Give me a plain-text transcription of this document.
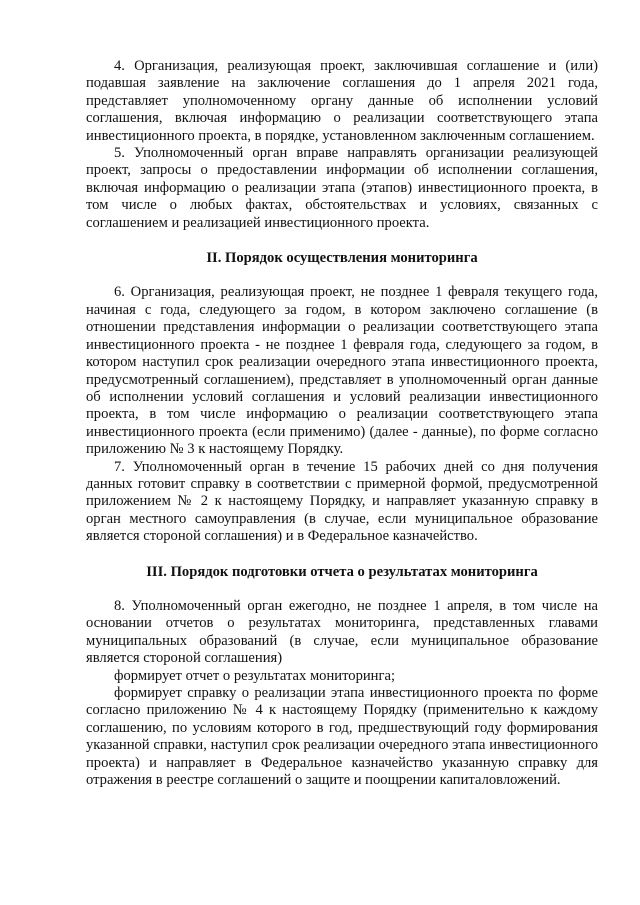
4. Организация, реализующая проект, заключившая соглашение и (или) подавшая заявление на заключение соглашения до 1 апреля 2021 года, представляет уполномоченному органу данные об исполнении условий соглашения, включая информацию о реализации соответствующего этапа инвестиционного проекта, в порядке, установленном заключенным соглашением.

5. Уполномоченный орган вправе направлять организации реализующей проект, запросы о предоставлении информации об исполнении соглашения, включая информацию о реализации этапа (этапов) инвестиционного проекта, в том числе о любых фактах, обстоятельствах и условиях, связанных с соглашением и реализацией инвестиционного проекта.

II. Порядок осуществления мониторинга

6. Организация, реализующая проект, не позднее 1 февраля текущего года, начиная с года, следующего за годом, в котором заключено соглашение (в отношении представления информации о реализации соответствующего этапа инвестиционного проекта - не позднее 1 февраля года, следующего за годом, в котором наступил срок реализации очередного этапа инвестиционного проекта, предусмотренный соглашением), представляет в уполномоченный орган данные об исполнении условий соглашения и условий реализации инвестиционного проекта, в том числе информацию о реализации соответствующего этапа инвестиционного проекта (если применимо) (далее - данные), по форме согласно приложению № 3 к настоящему Порядку.

7. Уполномоченный орган в течение 15 рабочих дней со дня получения данных готовит справку в соответствии с примерной формой, предусмотренной приложением № 2 к настоящему Порядку, и направляет указанную справку в орган местного самоуправления (в случае, если муниципальное образование является стороной соглашения) и в Федеральное казначейство.

III. Порядок подготовки отчета о результатах мониторинга

8. Уполномоченный орган ежегодно, не позднее 1 апреля, в том числе на основании отчетов о результатах мониторинга, представленных главами муниципальных образований (в случае, если муниципальное образование является стороной соглашения)

формирует отчет о результатах мониторинга;

формирует справку о реализации этапа инвестиционного проекта по форме согласно приложению № 4 к настоящему Порядку (применительно к каждому соглашению, по условиям которого в год, предшествующий году формирования указанной справки, наступил срок реализации очередного этапа инвестиционного проекта) и направляет в Федеральное казначейство указанную справку для отражения в реестре соглашений о защите и поощрении капиталовложений.
